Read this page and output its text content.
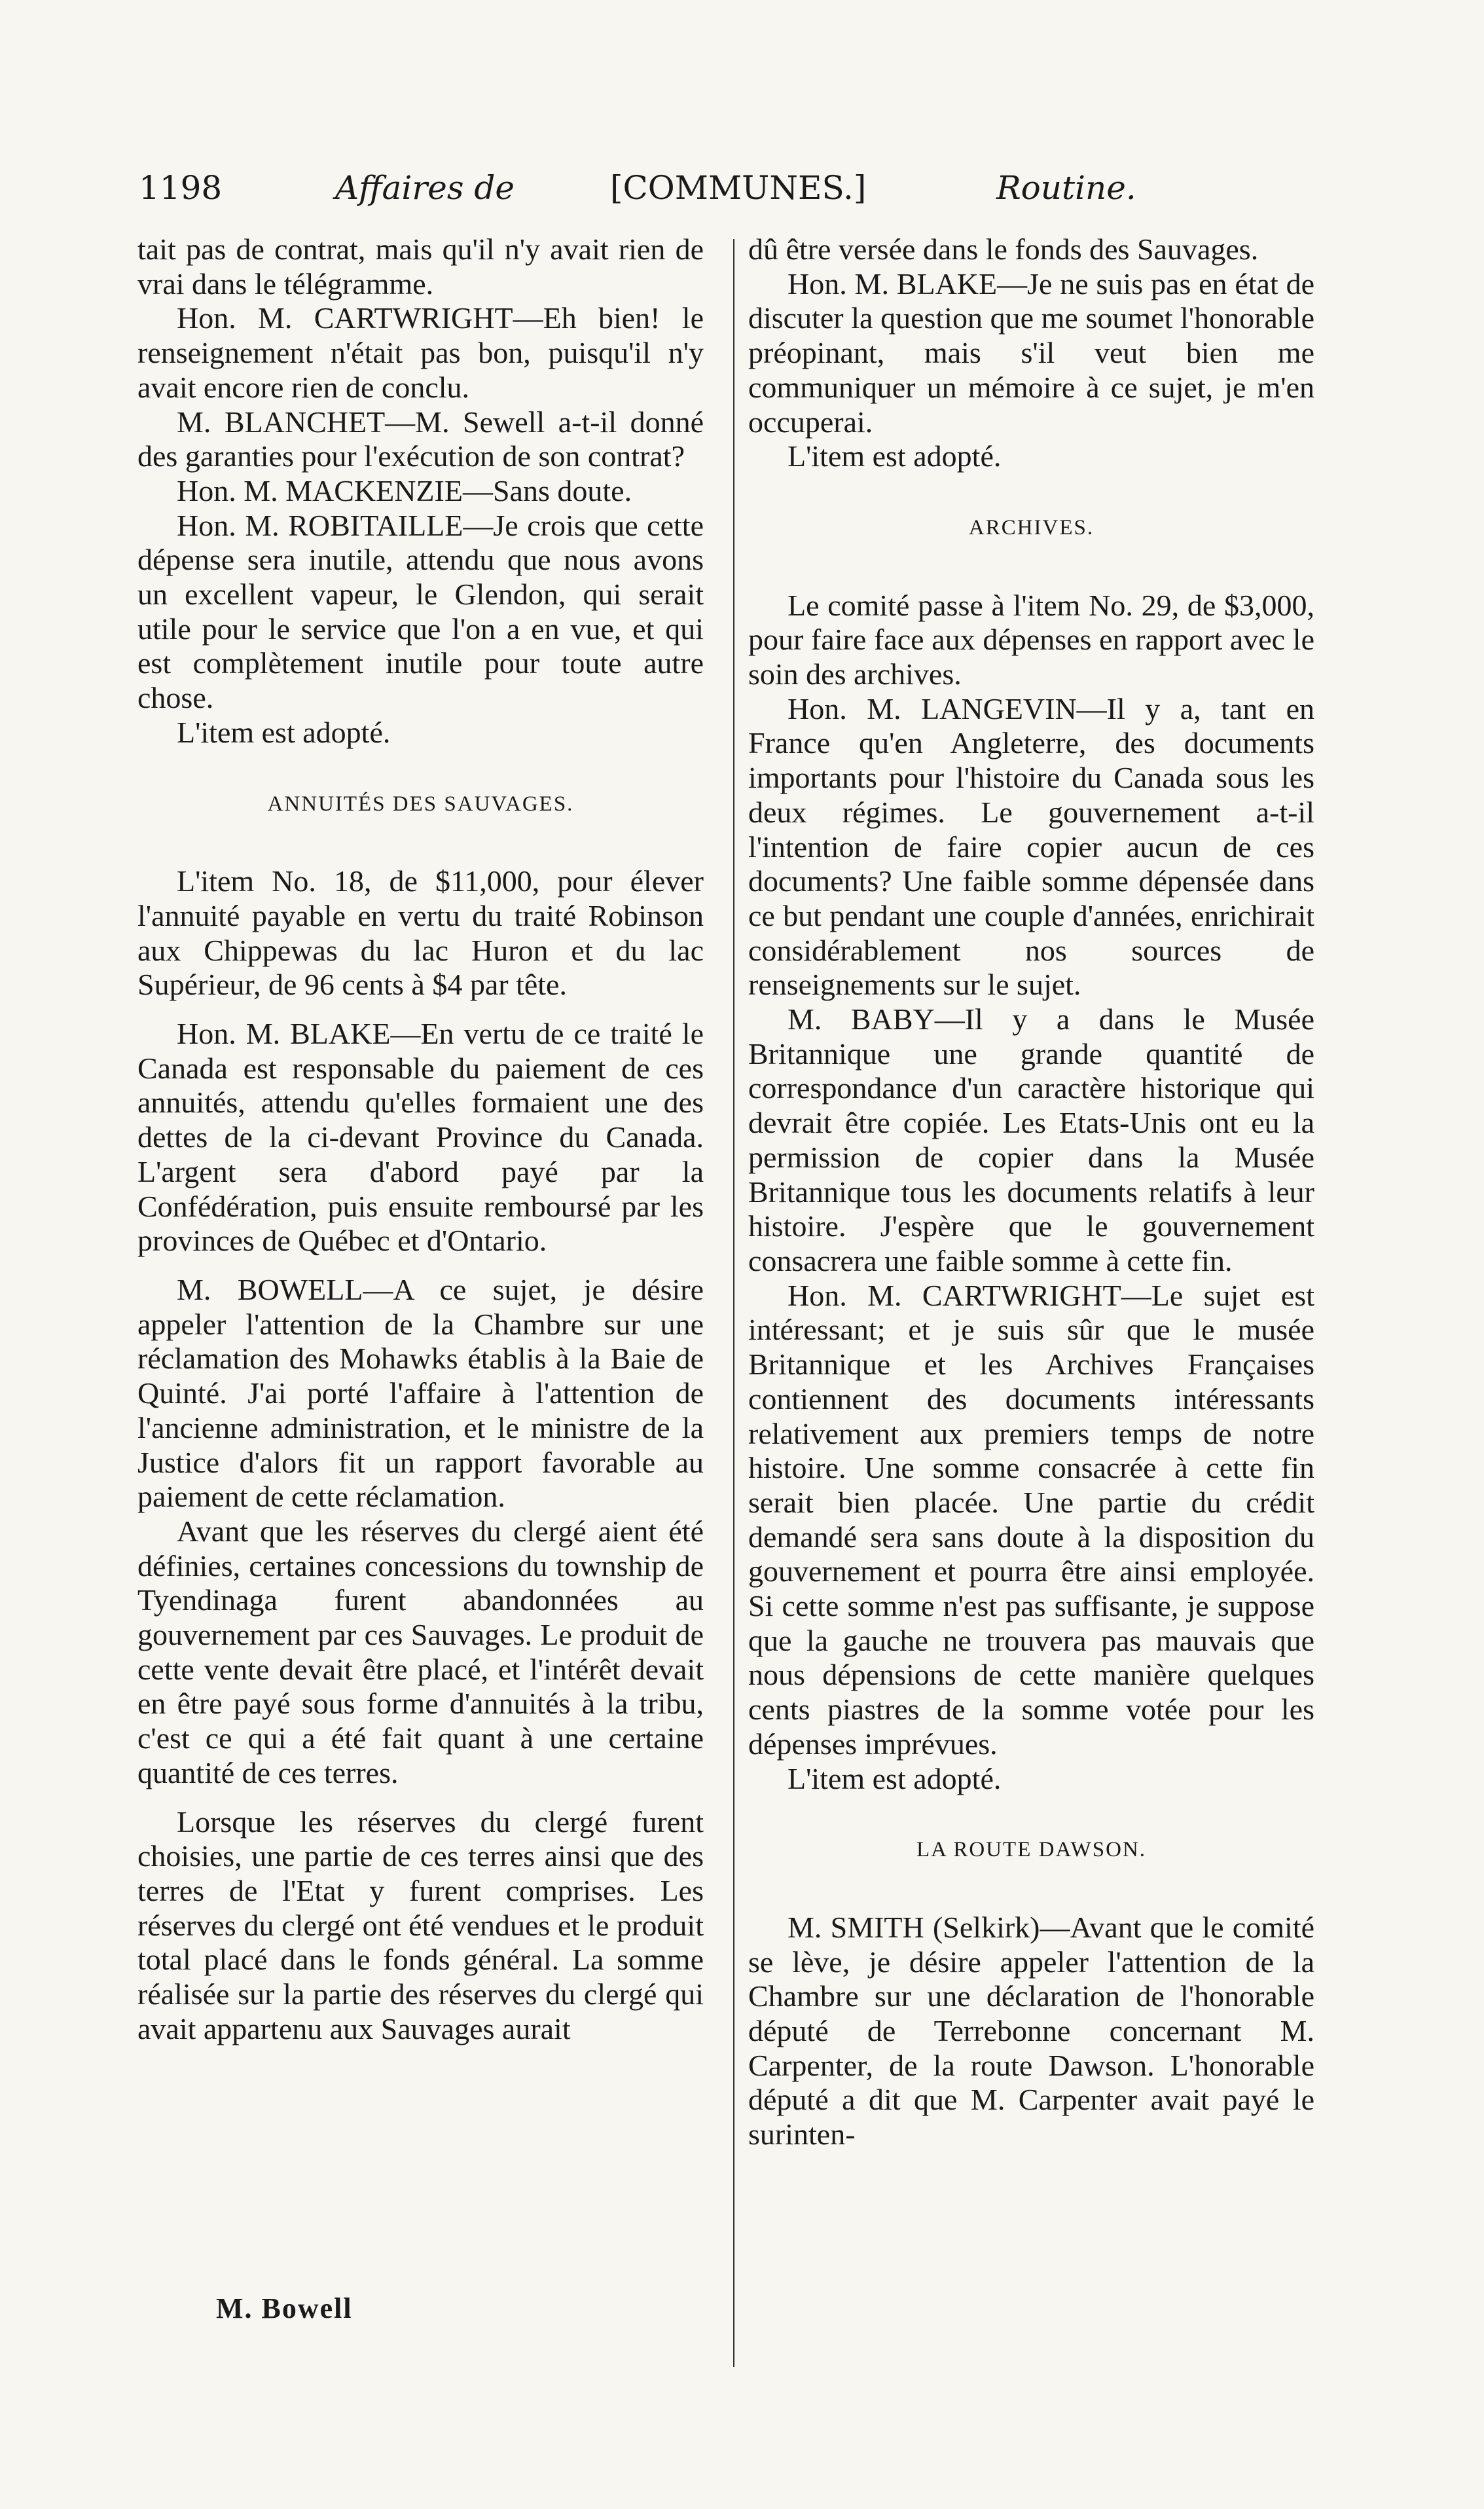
1198	Affaires de	[COMMUNES.]	Routine.

tait pas de contrat, mais qu'il n'y avait rien de vrai dans le télégramme.

Hon. M. CARTWRIGHT—Eh bien! le renseignement n'était pas bon, puisqu'il n'y avait encore rien de conclu.

M. BLANCHET—M. Sewell a-t-il donné des garanties pour l'exécution de son contrat?

Hon. M. MACKENZIE—Sans doute.

Hon. M. ROBITAILLE—Je crois que cette dépense sera inutile, attendu que nous avons un excellent vapeur, le Glendon, qui serait utile pour le service que l'on a en vue, et qui est complètement inutile pour toute autre chose.

L'item est adopté.

ANNUITÉS DES SAUVAGES.

L'item No. 18, de $11,000, pour élever l'annuité payable en vertu du traité Robinson aux Chippewas du lac Huron et du lac Supérieur, de 96 cents à $4 par tête.

Hon. M. BLAKE—En vertu de ce traité le Canada est responsable du paiement de ces annuités, attendu qu'elles formaient une des dettes de la ci-devant Province du Canada. L'argent sera d'abord payé par la Confédération, puis ensuite remboursé par les provinces de Québec et d'Ontario.

M. BOWELL—A ce sujet, je désire appeler l'attention de la Chambre sur une réclamation des Mohawks établis à la Baie de Quinté. J'ai porté l'affaire à l'attention de l'ancienne administration, et le ministre de la Justice d'alors fit un rapport favorable au paiement de cette réclamation.

Avant que les réserves du clergé aient été définies, certaines concessions du township de Tyendinaga furent abandonnées au gouvernement par ces Sauvages. Le produit de cette vente devait être placé, et l'intérêt devait en être payé sous forme d'annuités à la tribu, c'est ce qui a été fait quant à une certaine quantité de ces terres.

Lorsque les réserves du clergé furent choisies, une partie de ces terres ainsi que des terres de l'Etat y furent comprises. Les réserves du clergé ont été vendues et le produit total placé dans le fonds général. La somme réalisée sur la partie des réserves du clergé qui avait appartenu aux Sauvages aurait

dû être versée dans le fonds des Sauvages.

Hon. M. BLAKE—Je ne suis pas en état de discuter la question que me soumet l'honorable préopinant, mais s'il veut bien me communiquer un mémoire à ce sujet, je m'en occuperai.

L'item est adopté.

ARCHIVES.

Le comité passe à l'item No. 29, de $3,000, pour faire face aux dépenses en rapport avec le soin des archives.

Hon. M. LANGEVIN—Il y a, tant en France qu'en Angleterre, des documents importants pour l'histoire du Canada sous les deux régimes. Le gouvernement a-t-il l'intention de faire copier aucun de ces documents? Une faible somme dépensée dans ce but pendant une couple d'années, enrichirait considérablement nos sources de renseignements sur le sujet.

M. BABY—Il y a dans le Musée Britannique une grande quantité de correspondance d'un caractère historique qui devrait être copiée. Les Etats-Unis ont eu la permission de copier dans la Musée Britannique tous les documents relatifs à leur histoire. J'espère que le gouvernement consacrera une faible somme à cette fin.

Hon. M. CARTWRIGHT—Le sujet est intéressant; et je suis sûr que le musée Britannique et les Archives Françaises contiennent des documents intéressants relativement aux premiers temps de notre histoire. Une somme consacrée à cette fin serait bien placée. Une partie du crédit demandé sera sans doute à la disposition du gouvernement et pourra être ainsi employée. Si cette somme n'est pas suffisante, je suppose que la gauche ne trouvera pas mauvais que nous dépensions de cette manière quelques cents piastres de la somme votée pour les dépenses imprévues.

L'item est adopté.

LA ROUTE DAWSON.

M. SMITH (Selkirk)—Avant que le comité se lève, je désire appeler l'attention de la Chambre sur une déclaration de l'honorable député de Terrebonne concernant M. Carpenter, de la route Dawson. L'honorable député a dit que M. Carpenter avait payé le surinten-

M. Bowell
